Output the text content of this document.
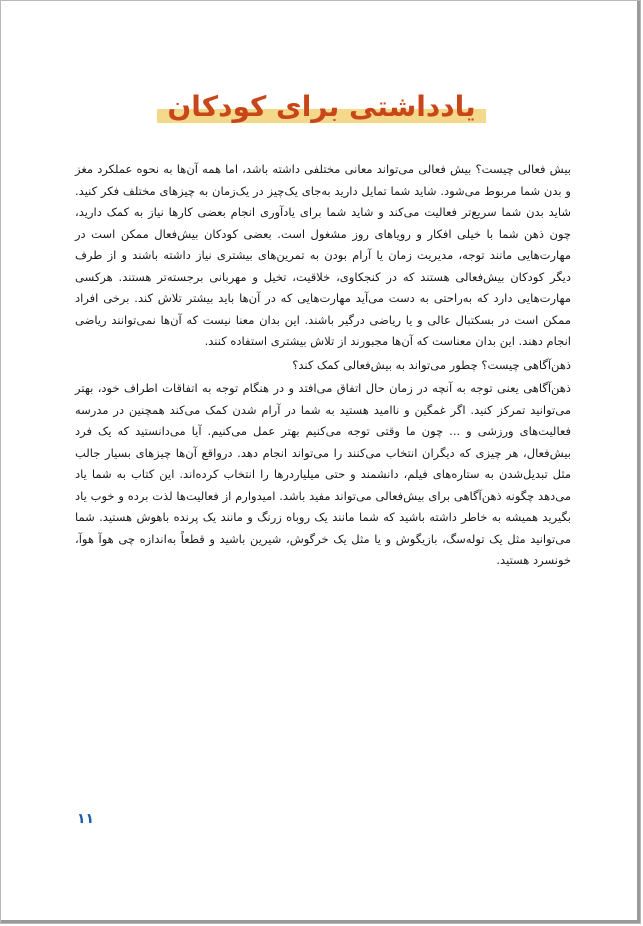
یادداشتی برای کودکان

بیش فعالی چیست؟ بیش فعالی می‌تواند معانی مختلفی داشته باشد، اما همه آن‌ها به نحوه عملکرد مغز و بدن شما مربوط می‌شود. شاید شما تمایل دارید به‌جای یک‌چیز در یک‌زمان به چیزهای مختلف فکر کنید. شاید بدن شما سریع‌تر فعالیت می‌کند و شاید شما برای یادآوری انجام بعضی کارها نیاز به کمک دارید، چون ذهن شما با خیلی افکار و رویاهای روز مشغول است. بعضی کودکان بیش‌فعال ممکن است در مهارت‌هایی مانند توجه، مدیریت زمان یا آرام بودن به تمرین‌های بیشتری نیاز داشته باشند و از طرف دیگر کودکان بیش‌فعالی هستند که در کنجکاوی، خلاقیت، تخیل و مهربانی برجسته‌تر هستند. هرکسی مهارت‌هایی دارد که به‌راحتی به دست می‌آید مهارت‌هایی که در آن‌ها باید بیشتر تلاش کند. برخی افراد ممکن است در بسکتبال عالی و یا ریاضی درگیر باشند. این بدان معنا نیست که آن‌ها نمی‌توانند ریاضی انجام دهند. این بدان معناست که آن‌ها مجبورند از تلاش بیشتری استفاده کنند.

ذهن‌آگاهی چیست؟ چطور می‌تواند به بیش‌فعالی کمک کند؟

ذهن‌آگاهی یعنی توجه به آنچه در زمان حال اتفاق می‌افتد و در هنگام توجه به اتفاقات اطراف خود، بهتر می‌توانید تمرکز کنید. اگر غمگین و ناامید هستید به شما در آرام شدن کمک می‌کند همچنین در مدرسه فعالیت‌های ورزشی و ... چون ما وقتی توجه می‌کنیم بهتر عمل می‌کنیم. آیا می‌دانستید که یک فرد بیش‌فعال، هر چیزی که دیگران انتخاب می‌کنند را می‌تواند انجام دهد. درواقع آن‌ها چیزهای بسیار جالب مثل تبدیل‌شدن به ستاره‌های فیلم، دانشمند و حتی میلیاردرها را انتخاب کرده‌اند. این کتاب به شما یاد می‌دهد چگونه ذهن‌آگاهی برای بیش‌فعالی می‌تواند مفید باشد. امیدوارم از فعالیت‌ها لذت برده و خوب یاد بگیرید همیشه به خاطر داشته باشید که شما مانند یک روباه زرنگ و مانند یک پرنده باهوش هستید. شما می‌توانید مثل یک توله‌سگ، بازیگوش و یا مثل یک خرگوش، شیرین باشید و قطعاً به‌اندازه چی هوآ هوآ، خونسرد هستید.

۱۱
